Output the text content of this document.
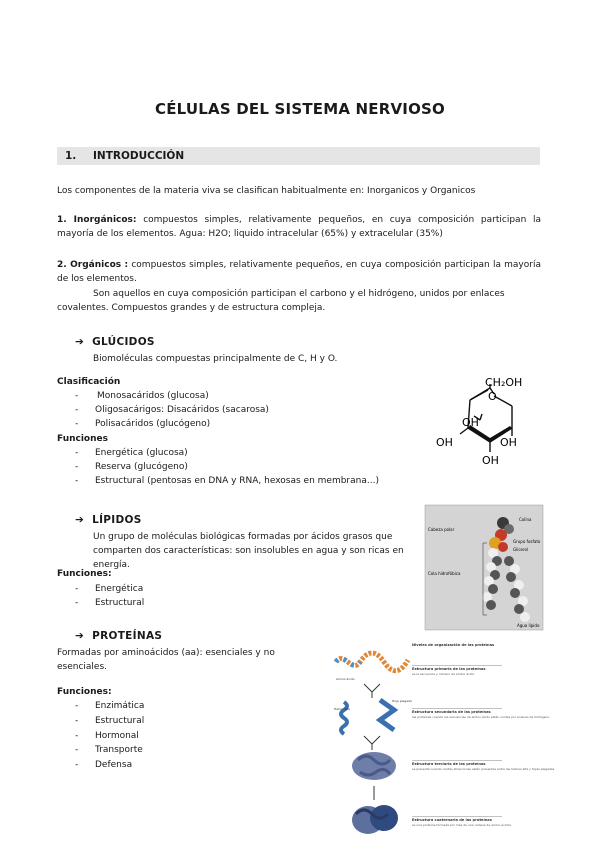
CÉLULAS DEL SISTEMA NERVIOSO
1. INTRODUCCIÓN
Los componentes de la materia viva se clasifican habitualmente en: Inorganicos y Organicos
1. Inorgánicos: compuestos simples, relativamente pequeños, en cuya composición participan la mayoría de los elementos. Agua: H2O; liquido intracelular (65%) y extracelular (35%)
2. Orgánicos : compuestos simples, relativamente pequeños, en cuya composición participan la mayoría de los elementos.
Son aquellos en cuya composición participan el carbono y el hidrógeno, unidos por enlaces covalentes. Compuestos grandes y de estructura compleja.
➔ GLÚCIDOS
Biomoléculas compuestas principalmente de C, H y O.
Clasificación
- Monosacáridos (glucosa)
- Oligosacárigos: Disacáridos (sacarosa)
- Polisacáridos (glucógeno)
Funciones
- Energética (glucosa)
- Reserva (glucógeno)
- Estructural (pentosas en DNA y RNA, hexosas en membrana...)
CH₂OH
O
OH
OH
OH
OH
➔ LÍPIDOS
Un grupo de moléculas biológicas formadas por ácidos grasos que comparten dos características: son insolubles en agua y son ricas en energía.
Funciones:
- Energética
- Estructural
Cabeza polar
Cola hidrofóbica
Colina
Grupo fosfato
Glicerol
Agua lípido
➔ PROTEÍNAS
Formadas por aminoácidos (aa): esenciales y no esenciales.
Funciones:
- Enzimática
- Estructural
- Hormonal
- Transporte
- Defensa
Niveles de organización de las proteínas
Amino ácido
Estructura primaria de las proteínas
es la secuencia y número de amino ácido
Hélice Alfa
Hoja plegada
Estructura secundaria de las proteínas
las proteínas cuando las secuencias de amino ácido están unidas por enlaces de hidrógeno
Estructura terciaria de las proteínas
se presenta cuando ciertas atracciones están presentes entre las hélices alfa y hojas plegadas
Estructura cuaternaria de las proteínas
es una proteína formada por más de una cadena de amino ácidos
